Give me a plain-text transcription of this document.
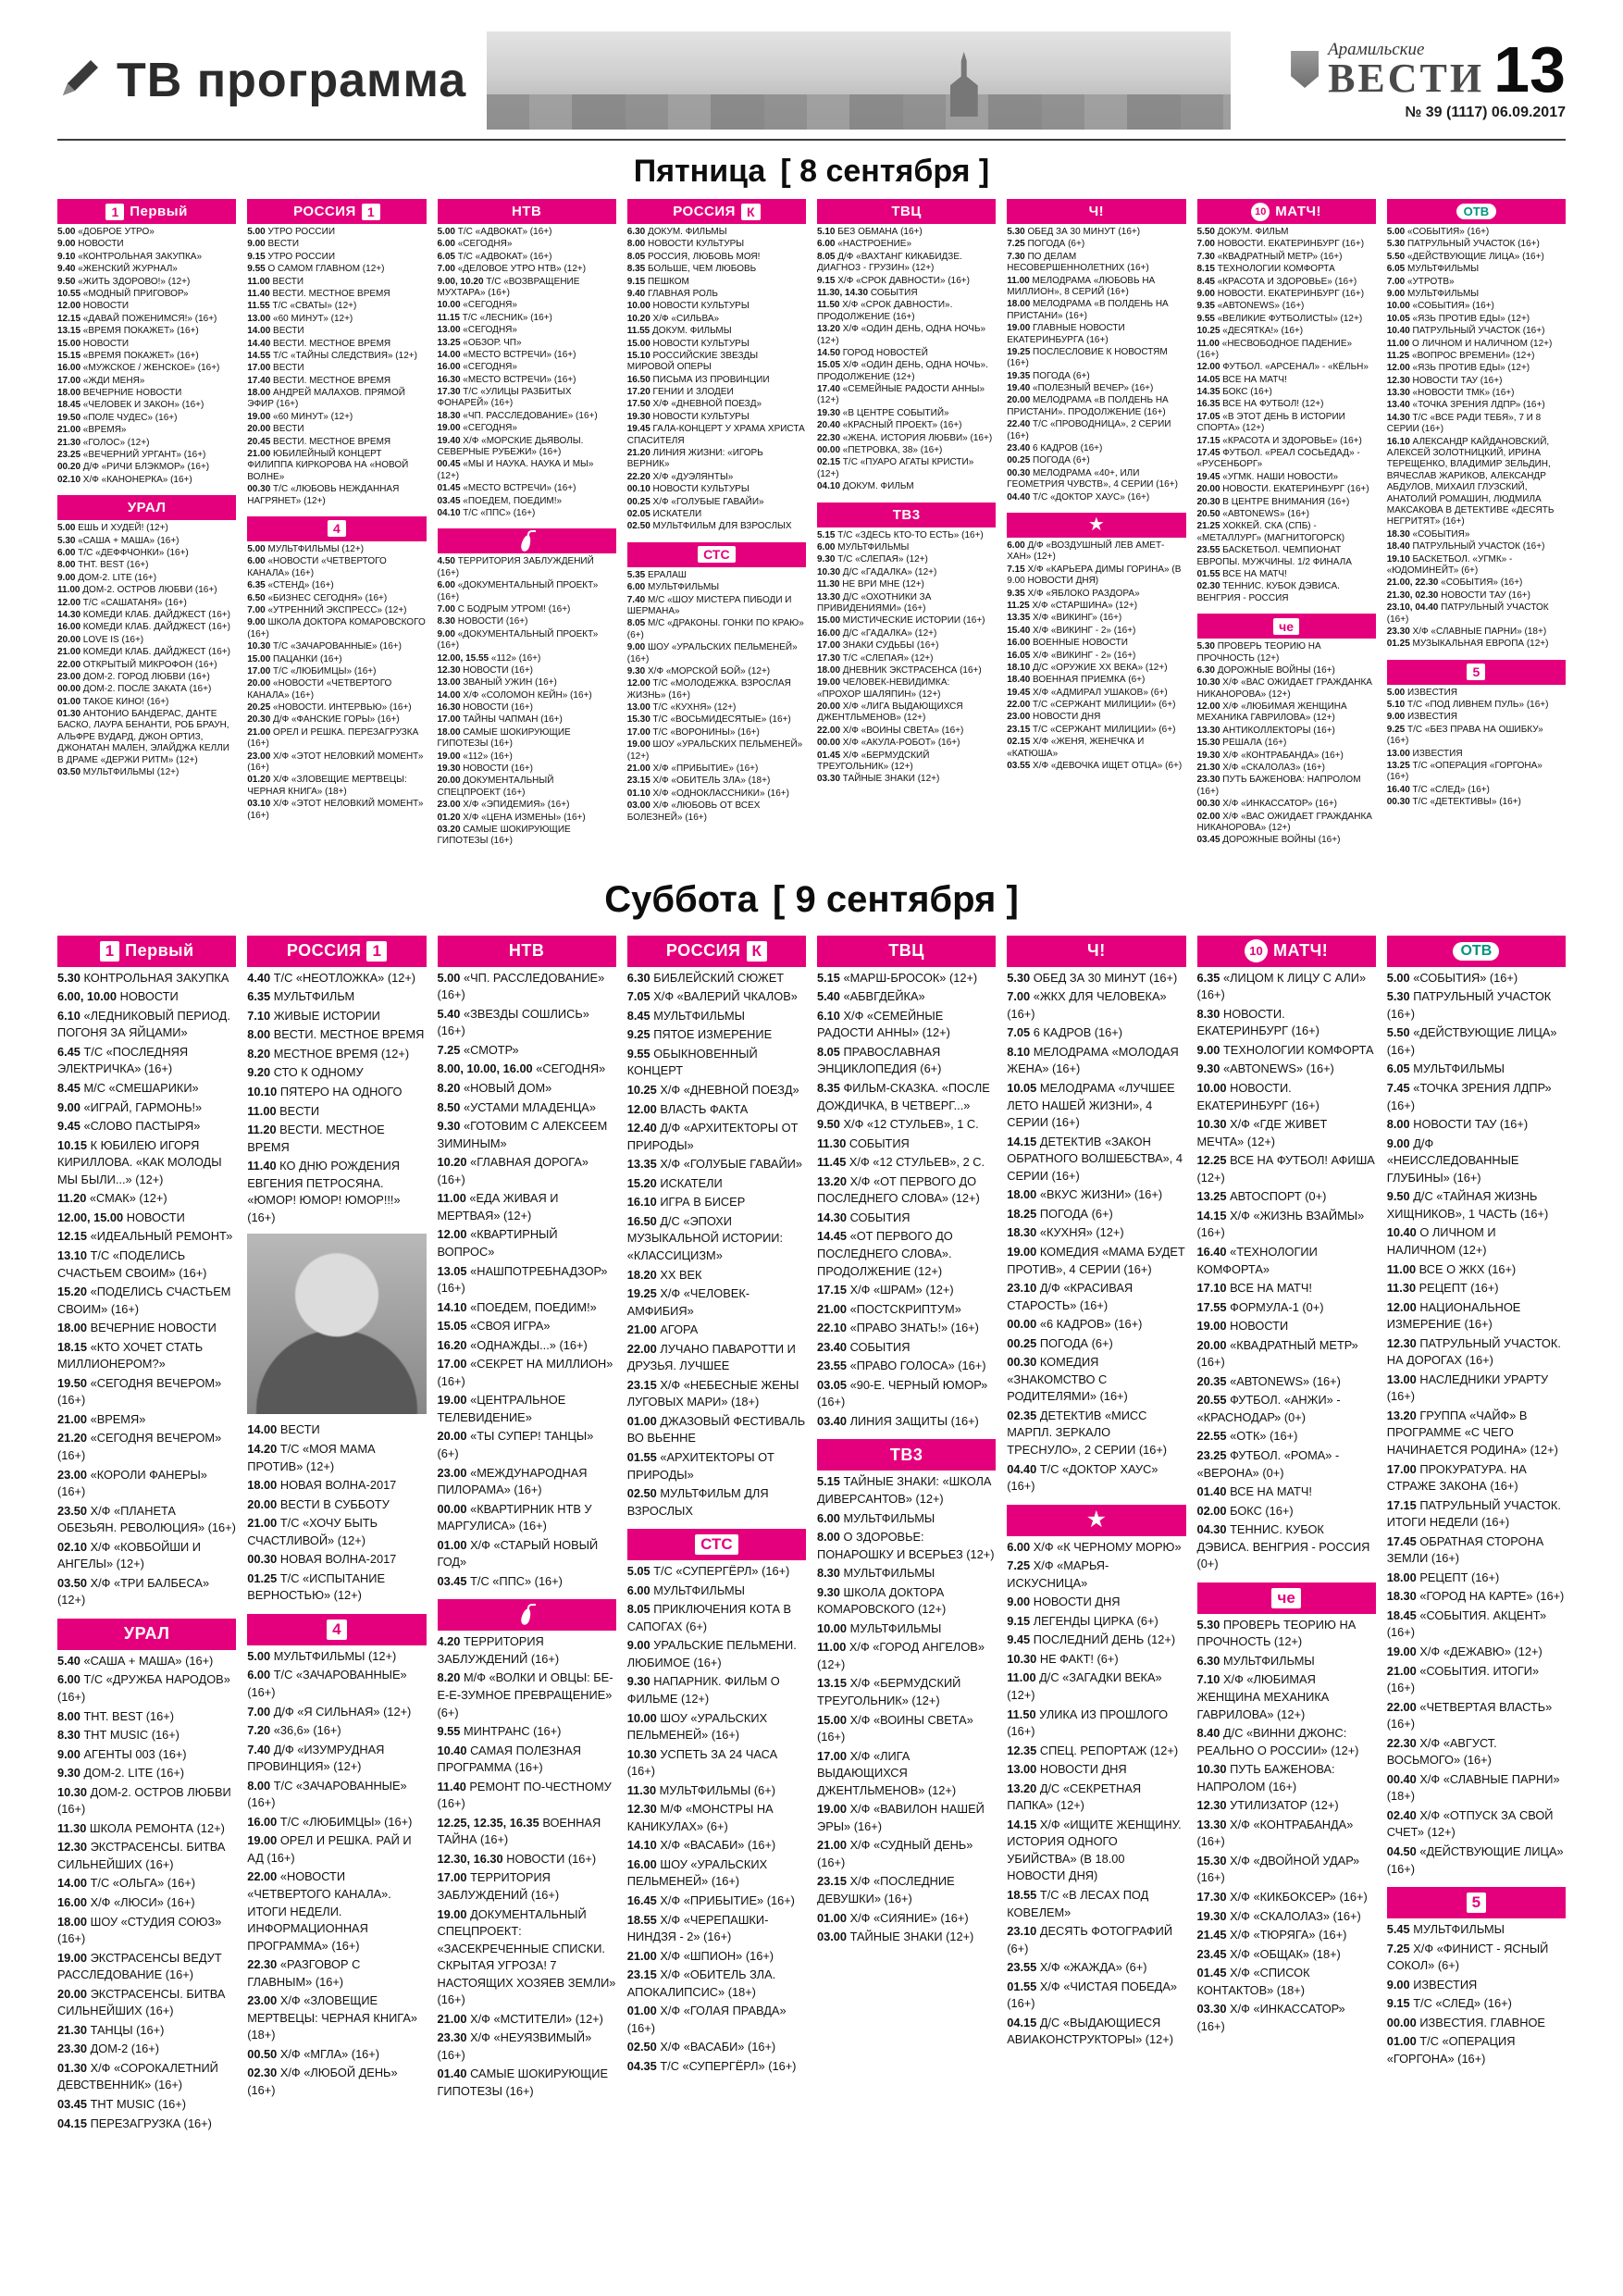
ТВ программа
Арамильские
ВЕСТИ 13
№ 39 (1117) 06.09.2017
Пятница [ 8 сентября ]
1 Первый
5.00 «ДОБРОЕ УТРО»
9.00 НОВОСТИ
9.10 «КОНТРОЛЬНАЯ ЗАКУПКА»
9.40 «ЖЕНСКИЙ ЖУРНАЛ»
9.50 «ЖИТЬ ЗДОРОВО!» (12+)
10.55 «МОДНЫЙ ПРИГОВОР»
12.00 НОВОСТИ
12.15 «ДАВАЙ ПОЖЕНИМСЯ!» (16+)
13.15 «ВРЕМЯ ПОКАЖЕТ» (16+)
15.00 НОВОСТИ
15.15 «ВРЕМЯ ПОКАЖЕТ» (16+)
16.00 «МУЖСКОЕ / ЖЕНСКОЕ» (16+)
17.00 «ЖДИ МЕНЯ»
18.00 ВЕЧЕРНИЕ НОВОСТИ
18.45 «ЧЕЛОВЕК И ЗАКОН» (16+)
19.50 «ПОЛЕ ЧУДЕС» (16+)
21.00 «ВРЕМЯ»
21.30 «ГОЛОС» (12+)
23.25 «ВЕЧЕРНИЙ УРГАНТ» (16+)
00.20 Д/Ф «РИЧИ БЛЭКМОР» (16+)
02.10 Х/Ф «КАНОНЕРКА» (16+)
УРАЛ
5.00 ЕШЬ И ХУДЕЙ! (12+)
5.30 «САША + МАША» (16+)
6.00 Т/С «ДЕФФЧОНКИ» (16+)
8.00 ТНТ. BEST (16+)
9.00 ДОМ-2. LITE (16+)
11.00 ДОМ-2. ОСТРОВ ЛЮБВИ (16+)
12.00 Т/С «САШАТАНЯ» (16+)
14.30 КОМЕДИ КЛАБ. ДАЙДЖЕСТ (16+)
16.00 КОМЕДИ КЛАБ. ДАЙДЖЕСТ (16+)
20.00 LOVE IS (16+)
21.00 КОМЕДИ КЛАБ. ДАЙДЖЕСТ (16+)
22.00 ОТКРЫТЫЙ МИКРОФОН (16+)
23.00 ДОМ-2. ГОРОД ЛЮБВИ (16+)
00.00 ДОМ-2. ПОСЛЕ ЗАКАТА (16+)
01.00 ТАКОЕ КИНО! (16+)
01.30 АНТОНИО БАНДЕРАС, ДАНТЕ БАСКО, ЛАУРА БЕНАНТИ, РОБ БРАУН, АЛЬФРЕ ВУДАРД, ДЖОН ОРТИЗ, ДЖОНАТАН МАЛЕН, ЭЛАЙДЖА КЕЛЛИ В ДРАМЕ «ДЕРЖИ РИТМ» (12+)
03.50 МУЛЬТФИЛЬМЫ (12+)
РОССИЯ 1
5.00 УТРО РОССИИ
9.00 ВЕСТИ
9.15 УТРО РОССИИ
9.55 О САМОМ ГЛАВНОМ (12+)
11.00 ВЕСТИ
11.40 ВЕСТИ. МЕСТНОЕ ВРЕМЯ
11.55 Т/С «СВАТЫ» (12+)
13.00 «60 МИНУТ» (12+)
14.00 ВЕСТИ
14.40 ВЕСТИ. МЕСТНОЕ ВРЕМЯ
14.55 Т/С «ТАЙНЫ СЛЕДСТВИЯ» (12+)
17.00 ВЕСТИ
17.40 ВЕСТИ. МЕСТНОЕ ВРЕМЯ
18.00 АНДРЕЙ МАЛАХОВ. ПРЯМОЙ ЭФИР (16+)
19.00 «60 МИНУТ» (12+)
20.00 ВЕСТИ
20.45 ВЕСТИ. МЕСТНОЕ ВРЕМЯ
21.00 ЮБИЛЕЙНЫЙ КОНЦЕРТ ФИЛИППА КИРКОРОВА НА «НОВОЙ ВОЛНЕ»
00.30 Т/С «ЛЮБОВЬ НЕЖДАННАЯ НАГРЯНЕТ» (12+)
4
5.00 МУЛЬТФИЛЬМЫ (12+)
6.00 «НОВОСТИ «ЧЕТВЕРТОГО КАНАЛА» (16+)
6.35 «СТЕНД» (16+)
6.50 «БИЗНЕС СЕГОДНЯ» (16+)
7.00 «УТРЕННИЙ ЭКСПРЕСС» (12+)
9.00 ШКОЛА ДОКТОРА КОМАРОВСКОГО (16+)
10.30 Т/С «ЗАЧАРОВАННЫЕ» (16+)
15.00 ПАЦАНКИ (16+)
17.00 Т/С «ЛЮБИМЦЫ» (16+)
20.00 «НОВОСТИ «ЧЕТВЕРТОГО КАНАЛА» (16+)
20.25 «НОВОСТИ. ИНТЕРВЬЮ» (16+)
20.30 Д/Ф «ФАНСКИЕ ГОРЫ» (16+)
21.00 ОРЕЛ И РЕШКА. ПЕРЕЗАГРУЗКА (16+)
23.00 Х/Ф «ЭТОТ НЕЛОВКИЙ МОМЕНТ» (16+)
01.20 Х/Ф «ЗЛОВЕЩИЕ МЕРТВЕЦЫ: ЧЕРНАЯ КНИГА» (18+)
03.10 Х/Ф «ЭТОТ НЕЛОВКИЙ МОМЕНТ» (16+)
НТВ
5.00 Т/С «АДВОКАТ» (16+)
6.00 «СЕГОДНЯ»
6.05 Т/С «АДВОКАТ» (16+)
7.00 «ДЕЛОВОЕ УТРО НТВ» (12+)
9.00, 10.20 Т/С «ВОЗВРАЩЕНИЕ МУХТАРА» (16+)
10.00 «СЕГОДНЯ»
11.15 Т/С «ЛЕСНИК» (16+)
13.00 «СЕГОДНЯ»
13.25 «ОБЗОР. ЧП»
14.00 «МЕСТО ВСТРЕЧИ» (16+)
16.00 «СЕГОДНЯ»
16.30 «МЕСТО ВСТРЕЧИ» (16+)
17.30 Т/С «УЛИЦЫ РАЗБИТЫХ ФОНАРЕЙ» (16+)
18.30 «ЧП. РАССЛЕДОВАНИЕ» (16+)
19.00 «СЕГОДНЯ»
19.40 Х/Ф «МОРСКИЕ ДЬЯВОЛЫ. СЕВЕРНЫЕ РУБЕЖИ» (16+)
00.45 «МЫ И НАУКА. НАУКА И МЫ» (12+)
01.45 «МЕСТО ВСТРЕЧИ» (16+)
03.45 «ПОЕДЕМ, ПОЕДИМ!»
04.10 Т/С «ППС» (16+)
4.50 ТЕРРИТОРИЯ ЗАБЛУЖДЕНИЙ (16+)
6.00 «ДОКУМЕНТАЛЬНЫЙ ПРОЕКТ» (16+)
7.00 С БОДРЫМ УТРОМ! (16+)
8.30 НОВОСТИ (16+)
9.00 «ДОКУМЕНТАЛЬНЫЙ ПРОЕКТ» (16+)
12.00, 15.55 «112» (16+)
12.30 НОВОСТИ (16+)
13.00 ЗВАНЫЙ УЖИН (16+)
14.00 Х/Ф «СОЛОМОН КЕЙН» (16+)
16.30 НОВОСТИ (16+)
17.00 ТАЙНЫ ЧАПМАН (16+)
18.00 САМЫЕ ШОКИРУЮЩИЕ ГИПОТЕЗЫ (16+)
19.00 «112» (16+)
19.30 НОВОСТИ (16+)
20.00 ДОКУМЕНТАЛЬНЫЙ СПЕЦПРОЕКТ (16+)
23.00 Х/Ф «ЭПИДЕМИЯ» (16+)
01.20 Х/Ф «ЦЕНА ИЗМЕНЫ» (16+)
03.20 САМЫЕ ШОКИРУЮЩИЕ ГИПОТЕЗЫ (16+)
РОССИЯ К
6.30 ДОКУМ. ФИЛЬМЫ
8.00 НОВОСТИ КУЛЬТУРЫ
8.05 РОССИЯ, ЛЮБОВЬ МОЯ!
8.35 БОЛЬШЕ, ЧЕМ ЛЮБОВЬ
9.15 ПЕШКОМ
9.40 ГЛАВНАЯ РОЛЬ
10.00 НОВОСТИ КУЛЬТУРЫ
10.20 Х/Ф «СИЛЬВА»
11.55 ДОКУМ. ФИЛЬМЫ
15.00 НОВОСТИ КУЛЬТУРЫ
15.10 РОССИЙСКИЕ ЗВЕЗДЫ МИРОВОЙ ОПЕРЫ
16.50 ПИСЬМА ИЗ ПРОВИНЦИИ
17.20 ГЕНИИ И ЗЛОДЕИ
17.50 Х/Ф «ДНЕВНОЙ ПОЕЗД»
19.30 НОВОСТИ КУЛЬТУРЫ
19.45 ГАЛА-КОНЦЕРТ У ХРАМА ХРИСТА СПАСИТЕЛЯ
21.20 ЛИНИЯ ЖИЗНИ: «ИГОРЬ ВЕРНИК»
22.20 Х/Ф «ДУЭЛЯНТЫ»
00.10 НОВОСТИ КУЛЬТУРЫ
00.25 Х/Ф «ГОЛУБЫЕ ГАВАЙИ»
02.05 ИСКАТЕЛИ
02.50 МУЛЬТФИЛЬМ ДЛЯ ВЗРОСЛЫХ
СТС
5.35 ЕРАЛАШ
6.00 МУЛЬТФИЛЬМЫ
7.40 М/С «ШОУ МИСТЕРА ПИБОДИ И ШЕРМАНА»
8.05 М/С «ДРАКОНЫ. ГОНКИ ПО КРАЮ» (6+)
9.00 ШОУ «УРАЛЬСКИХ ПЕЛЬМЕНЕЙ» (16+)
9.30 Х/Ф «МОРСКОЙ БОЙ» (12+)
12.00 Т/С «МОЛОДЕЖКА. ВЗРОСЛАЯ ЖИЗНЬ» (16+)
13.00 Т/С «КУХНЯ» (12+)
15.30 Т/С «ВОСЬМИДЕСЯТЫЕ» (16+)
17.00 Т/С «ВОРОНИНЫ» (16+)
19.00 ШОУ «УРАЛЬСКИХ ПЕЛЬМЕНЕЙ» (12+)
21.00 Х/Ф «ПРИБЫТИЕ» (16+)
23.15 Х/Ф «ОБИТЕЛЬ ЗЛА» (18+)
01.10 Х/Ф «ОДНОКЛАССНИКИ» (16+)
03.00 Х/Ф «ЛЮБОВЬ ОТ ВСЕХ БОЛЕЗНЕЙ» (16+)
ТВЦ
5.10 БЕЗ ОБМАНА (16+)
6.00 «НАСТРОЕНИЕ»
8.05 Д/Ф «ВАХТАНГ КИКАБИДЗЕ. ДИАГНОЗ - ГРУЗИН» (12+)
9.15 Х/Ф «СРОК ДАВНОСТИ» (16+)
11.30, 14.30 СОБЫТИЯ
11.50 Х/Ф «СРОК ДАВНОСТИ». ПРОДОЛЖЕНИЕ (16+)
13.20 Х/Ф «ОДИН ДЕНЬ, ОДНА НОЧЬ» (12+)
14.50 ГОРОД НОВОСТЕЙ
15.05 Х/Ф «ОДИН ДЕНЬ, ОДНА НОЧЬ». ПРОДОЛЖЕНИЕ (12+)
17.40 «СЕМЕЙНЫЕ РАДОСТИ АННЫ» (12+)
19.30 «В ЦЕНТРЕ СОБЫТИЙ»
20.40 «КРАСНЫЙ ПРОЕКТ» (16+)
22.30 «ЖЕНА. ИСТОРИЯ ЛЮБВИ» (16+)
00.00 «ПЕТРОВКА, 38» (16+)
02.15 Т/С «ПУАРО АГАТЫ КРИСТИ» (12+)
04.10 ДОКУМ. ФИЛЬМ
ТВ3
5.15 Т/С «ЗДЕСЬ КТО-ТО ЕСТЬ» (16+)
6.00 МУЛЬТФИЛЬМЫ
9.30 Т/С «СЛЕПАЯ» (12+)
10.30 Д/С «ГАДАЛКА» (12+)
11.30 НЕ ВРИ МНЕ (12+)
13.30 Д/С «ОХОТНИКИ ЗА ПРИВИДЕНИЯМИ» (16+)
15.00 МИСТИЧЕСКИЕ ИСТОРИИ (16+)
16.00 Д/С «ГАДАЛКА» (12+)
17.00 ЗНАКИ СУДЬБЫ (16+)
17.30 Т/С «СЛЕПАЯ» (12+)
18.00 ДНЕВНИК ЭКСТРАСЕНСА (16+)
19.00 ЧЕЛОВЕК-НЕВИДИМКА: «ПРОХОР ШАЛЯПИН» (12+)
20.00 Х/Ф «ЛИГА ВЫДАЮЩИХСЯ ДЖЕНТЛЬМЕНОВ» (12+)
22.00 Х/Ф «ВОИНЫ СВЕТА» (16+)
00.00 Х/Ф «АКУЛА-РОБОТ» (16+)
01.45 Х/Ф «БЕРМУДСКИЙ ТРЕУГОЛЬНИК» (12+)
03.30 ТАЙНЫЕ ЗНАКИ (12+)
Ч!
5.30 ОБЕД ЗА 30 МИНУТ (16+)
7.25 ПОГОДА (6+)
7.30 ПО ДЕЛАМ НЕСОВЕРШЕННОЛЕТНИХ (16+)
11.00 МЕЛОДРАМА «ЛЮБОВЬ НА МИЛЛИОН», 8 СЕРИЙ (16+)
18.00 МЕЛОДРАМА «В ПОЛДЕНЬ НА ПРИСТАНИ» (16+)
19.00 ГЛАВНЫЕ НОВОСТИ ЕКАТЕРИНБУРГА (16+)
19.25 ПОСЛЕСЛОВИЕ К НОВОСТЯМ (16+)
19.35 ПОГОДА (6+)
19.40 «ПОЛЕЗНЫЙ ВЕЧЕР» (16+)
20.00 МЕЛОДРАМА «В ПОЛДЕНЬ НА ПРИСТАНИ». ПРОДОЛЖЕНИЕ (16+)
22.40 Т/С «ПРОВОДНИЦА», 2 СЕРИИ (16+)
23.40 6 КАДРОВ (16+)
00.25 ПОГОДА (6+)
00.30 МЕЛОДРАМА «40+, ИЛИ ГЕОМЕТРИЯ ЧУВСТВ», 4 СЕРИИ (16+)
04.40 Т/С «ДОКТОР ХАУС» (16+)
★
6.00 Д/Ф «ВОЗДУШНЫЙ ЛЕВ АМЕТ-ХАН» (12+)
7.15 Х/Ф «КАРЬЕРА ДИМЫ ГОРИНА» (В 9.00 НОВОСТИ ДНЯ)
9.35 Х/Ф «ЯБЛОКО РАЗДОРА»
11.25 Х/Ф «СТАРШИНА» (12+)
13.35 Х/Ф «ВИКИНГ» (16+)
15.40 Х/Ф «ВИКИНГ - 2» (16+)
16.00 ВОЕННЫЕ НОВОСТИ
16.05 Х/Ф «ВИКИНГ - 2» (16+)
18.10 Д/С «ОРУЖИЕ ХХ ВЕКА» (12+)
18.40 ВОЕННАЯ ПРИЕМКА (6+)
19.45 Х/Ф «АДМИРАЛ УШАКОВ» (6+)
22.00 Т/С «СЕРЖАНТ МИЛИЦИИ» (6+)
23.00 НОВОСТИ ДНЯ
23.15 Т/С «СЕРЖАНТ МИЛИЦИИ» (6+)
02.15 Х/Ф «ЖЕНЯ, ЖЕНЕЧКА И «КАТЮША»
03.55 Х/Ф «ДЕВОЧКА ИЩЕТ ОТЦА» (6+)
10 МАТЧ!
5.50 ДОКУМ. ФИЛЬМ
7.00 НОВОСТИ. ЕКАТЕРИНБУРГ (16+)
7.30 «КВАДРАТНЫЙ МЕТР» (16+)
8.15 ТЕХНОЛОГИИ КОМФОРТА
8.45 «КРАСОТА И ЗДОРОВЬЕ» (16+)
9.00 НОВОСТИ. ЕКАТЕРИНБУРГ (16+)
9.35 «АВТОNEWS» (16+)
9.55 «ВЕЛИКИЕ ФУТБОЛИСТЫ» (12+)
10.25 «ДЕСЯТКА!» (16+)
11.00 «НЕСВОБОДНОЕ ПАДЕНИЕ» (16+)
12.00 ФУТБОЛ. «АРСЕНАЛ» - «КЁЛЬН»
14.05 ВСЕ НА МАТЧ!
14.35 БОКС (16+)
16.35 ВСЕ НА ФУТБОЛ! (12+)
17.05 «В ЭТОТ ДЕНЬ В ИСТОРИИ СПОРТА» (12+)
17.15 «КРАСОТА И ЗДОРОВЬЕ» (16+)
17.45 ФУТБОЛ. «РЕАЛ СОСЬЕДАД» - «РУСЕНБОРГ»
19.45 «УГМК. НАШИ НОВОСТИ»
20.00 НОВОСТИ. ЕКАТЕРИНБУРГ (16+)
20.30 В ЦЕНТРЕ ВНИМАНИЯ (16+)
20.50 «АВТОNEWS» (16+)
21.25 ХОККЕЙ. СКА (СПБ) - «МЕТАЛЛУРГ» (МАГНИТОГОРСК)
23.55 БАСКЕТБОЛ. ЧЕМПИОНАТ ЕВРОПЫ. МУЖЧИНЫ. 1/2 ФИНАЛА
01.55 ВСЕ НА МАТЧ!
02.30 ТЕННИС. КУБОК ДЭВИСА. ВЕНГРИЯ - РОССИЯ
че
5.30 ПРОВЕРЬ ТЕОРИЮ НА ПРОЧНОСТЬ (12+)
6.30 ДОРОЖНЫЕ ВОЙНЫ (16+)
10.30 Х/Ф «ВАС ОЖИДАЕТ ГРАЖДАНКА НИКАНОРОВА» (12+)
12.00 Х/Ф «ЛЮБИМАЯ ЖЕНЩИНА МЕХАНИКА ГАВРИЛОВА» (12+)
13.30 АНТИКОЛЛЕКТОРЫ (16+)
15.30 РЕШАЛА (16+)
19.30 Х/Ф «КОНТРАБАНДА» (16+)
21.30 Х/Ф «СКАЛОЛАЗ» (16+)
23.30 ПУТЬ БАЖЕНОВА: НАПРОЛОМ (16+)
00.30 Х/Ф «ИНКАССАТОР» (16+)
02.00 Х/Ф «ВАС ОЖИДАЕТ ГРАЖДАНКА НИКАНОРОВА» (12+)
03.45 ДОРОЖНЫЕ ВОЙНЫ (16+)
ОТВ
5.00 «СОБЫТИЯ» (16+)
5.30 ПАТРУЛЬНЫЙ УЧАСТОК (16+)
5.50 «ДЕЙСТВУЮЩИЕ ЛИЦА» (16+)
6.05 МУЛЬТФИЛЬМЫ
7.00 «УТРОТВ»
9.00 МУЛЬТФИЛЬМЫ
10.00 «СОБЫТИЯ» (16+)
10.05 «ЯЗЬ ПРОТИВ ЕДЫ» (12+)
10.40 ПАТРУЛЬНЫЙ УЧАСТОК (16+)
11.00 О ЛИЧНОМ И НАЛИЧНОМ (12+)
11.25 «ВОПРОС ВРЕМЕНИ» (12+)
12.00 «ЯЗЬ ПРОТИВ ЕДЫ» (12+)
12.30 НОВОСТИ ТАУ (16+)
13.30 «НОВОСТИ ТМК» (16+)
13.40 «ТОЧКА ЗРЕНИЯ ЛДПР» (16+)
14.30 Т/С «ВСЕ РАДИ ТЕБЯ», 7 И 8 СЕРИИ (16+)
16.10 АЛЕКСАНДР КАЙДАНОВСКИЙ, АЛЕКСЕЙ ЗОЛОТНИЦКИЙ, ИРИНА ТЕРЕЩЕНКО, ВЛАДИМИР ЗЕЛЬДИН, ВЯЧЕСЛАВ ЖАРИКОВ, АЛЕКСАНДР АБДУЛОВ, МИХАИЛ ГЛУЗСКИЙ, АНАТОЛИЙ РОМАШИН, ЛЮДМИЛА МАКСАКОВА В ДЕТЕКТИВЕ «ДЕСЯТЬ НЕГРИТЯТ» (16+)
18.30 «СОБЫТИЯ»
18.40 ПАТРУЛЬНЫЙ УЧАСТОК (16+)
19.10 БАСКЕТБОЛ. «УГМК» - «ЮДОМИНЕЙТ» (6+)
21.00, 22.30 «СОБЫТИЯ» (16+)
21.30, 02.30 НОВОСТИ ТАУ (16+)
23.10, 04.40 ПАТРУЛЬНЫЙ УЧАСТОК (16+)
23.30 Х/Ф «СЛАВНЫЕ ПАРНИ» (18+)
01.25 МУЗЫКАЛЬНАЯ ЕВРОПА (12+)
5
5.00 ИЗВЕСТИЯ
5.10 Т/С «ПОД ЛИВНЕМ ПУЛЬ» (16+)
9.00 ИЗВЕСТИЯ
9.25 Т/С «БЕЗ ПРАВА НА ОШИБКУ» (16+)
13.00 ИЗВЕСТИЯ
13.25 Т/С «ОПЕРАЦИЯ «ГОРГОНА» (16+)
16.40 Т/С «СЛЕД» (16+)
00.30 Т/С «ДЕТЕКТИВЫ» (16+)
Суббота [ 9 сентября ]
1 Первый
5.30 КОНТРОЛЬНАЯ ЗАКУПКА
6.00, 10.00 НОВОСТИ
6.10 «ЛЕДНИКОВЫЙ ПЕРИОД. ПОГОНЯ ЗА ЯЙЦАМИ»
6.45 Т/С «ПОСЛЕДНЯЯ ЭЛЕКТРИЧКА» (16+)
8.45 М/С «СМЕШАРИКИ»
9.00 «ИГРАЙ, ГАРМОНЬ!»
9.45 «СЛОВО ПАСТЫРЯ»
10.15 К ЮБИЛЕЮ ИГОРЯ КИРИЛЛОВА. «КАК МОЛОДЫ МЫ БЫЛИ...» (12+)
11.20 «СМАК» (12+)
12.00, 15.00 НОВОСТИ
12.15 «ИДЕАЛЬНЫЙ РЕМОНТ»
13.10 Т/С «ПОДЕЛИСЬ СЧАСТЬЕМ СВОИМ» (16+)
15.20 «ПОДЕЛИСЬ СЧАСТЬЕМ СВОИМ» (16+)
18.00 ВЕЧЕРНИЕ НОВОСТИ
18.15 «КТО ХОЧЕТ СТАТЬ МИЛЛИОНЕРОМ?»
19.50 «СЕГОДНЯ ВЕЧЕРОМ» (16+)
21.00 «ВРЕМЯ»
21.20 «СЕГОДНЯ ВЕЧЕРОМ» (16+)
23.00 «КОРОЛИ ФАНЕРЫ» (16+)
23.50 Х/Ф «ПЛАНЕТА ОБЕЗЬЯН. РЕВОЛЮЦИЯ» (16+)
02.10 Х/Ф «КОВБОЙШИ И АНГЕЛЫ» (12+)
03.50 Х/Ф «ТРИ БАЛБЕСА» (12+)
УРАЛ
5.40 «САША + МАША» (16+)
6.00 Т/С «ДРУЖБА НАРОДОВ» (16+)
8.00 ТНТ. BEST (16+)
8.30 ТНТ MUSIC (16+)
9.00 АГЕНТЫ 003 (16+)
9.30 ДОМ-2. LITE (16+)
10.30 ДОМ-2. ОСТРОВ ЛЮБВИ (16+)
11.30 ШКОЛА РЕМОНТА (12+)
12.30 ЭКСТРАСЕНСЫ. БИТВА СИЛЬНЕЙШИХ (16+)
14.00 Т/С «ОЛЬГА» (16+)
16.00 Х/Ф «ЛЮСИ» (16+)
18.00 ШОУ «СТУДИЯ СОЮЗ» (16+)
19.00 ЭКСТРАСЕНСЫ ВЕДУТ РАССЛЕДОВАНИЕ (16+)
20.00 ЭКСТРАСЕНСЫ. БИТВА СИЛЬНЕЙШИХ (16+)
21.30 ТАНЦЫ (16+)
23.30 ДОМ-2 (16+)
01.30 Х/Ф «СОРОКАЛЕТНИЙ ДЕВСТВЕННИК» (16+)
03.45 ТНТ MUSIC (16+)
04.15 ПЕРЕЗАГРУЗКА (16+)
РОССИЯ 1
4.40 Т/С «НЕОТЛОЖКА» (12+)
6.35 МУЛЬТФИЛЬМ
7.10 ЖИВЫЕ ИСТОРИИ
8.00 ВЕСТИ. МЕСТНОЕ ВРЕМЯ
8.20 МЕСТНОЕ ВРЕМЯ (12+)
9.20 СТО К ОДНОМУ
10.10 ПЯТЕРО НА ОДНОГО
11.00 ВЕСТИ
11.20 ВЕСТИ. МЕСТНОЕ ВРЕМЯ
11.40 КО ДНЮ РОЖДЕНИЯ ЕВГЕНИЯ ПЕТРОСЯНА. «ЮМОР! ЮМОР! ЮМОР!!!» (16+)
14.00 ВЕСТИ
14.20 Т/С «МОЯ МАМА ПРОТИВ» (12+)
18.00 НОВАЯ ВОЛНА-2017
20.00 ВЕСТИ В СУББОТУ
21.00 Т/С «ХОЧУ БЫТЬ СЧАСТЛИВОЙ» (12+)
00.30 НОВАЯ ВОЛНА-2017
01.25 Т/С «ИСПЫТАНИЕ ВЕРНОСТЬЮ» (12+)
4
5.00 МУЛЬТФИЛЬМЫ (12+)
6.00 Т/С «ЗАЧАРОВАННЫЕ» (16+)
7.00 Д/Ф «Я СИЛЬНАЯ» (12+)
7.20 «36,6» (16+)
7.40 Д/Ф «ИЗУМРУДНАЯ ПРОВИНЦИЯ» (12+)
8.00 Т/С «ЗАЧАРОВАННЫЕ» (16+)
16.00 Т/С «ЛЮБИМЦЫ» (16+)
19.00 ОРЕЛ И РЕШКА. РАЙ И АД (16+)
22.00 «НОВОСТИ «ЧЕТВЕРТОГО КАНАЛА». ИТОГИ НЕДЕЛИ. ИНФОРМАЦИОННАЯ ПРОГРАММА» (16+)
22.30 «РАЗГОВОР С ГЛАВНЫМ» (16+)
23.00 Х/Ф «ЗЛОВЕЩИЕ МЕРТВЕЦЫ: ЧЕРНАЯ КНИГА» (18+)
00.50 Х/Ф «МГЛА» (16+)
02.30 Х/Ф «ЛЮБОЙ ДЕНЬ» (16+)
НТВ
5.00 «ЧП. РАССЛЕДОВАНИЕ» (16+)
5.40 «ЗВЕЗДЫ СОШЛИСЬ» (16+)
7.25 «СМОТР»
8.00, 10.00, 16.00 «СЕГОДНЯ»
8.20 «НОВЫЙ ДОМ»
8.50 «УСТАМИ МЛАДЕНЦА»
9.30 «ГОТОВИМ С АЛЕКСЕЕМ ЗИМИНЫМ»
10.20 «ГЛАВНАЯ ДОРОГА» (16+)
11.00 «ЕДА ЖИВАЯ И МЕРТВАЯ» (12+)
12.00 «КВАРТИРНЫЙ ВОПРОС»
13.05 «НАШПОТРЕБНАДЗОР» (16+)
14.10 «ПОЕДЕМ, ПОЕДИМ!»
15.05 «СВОЯ ИГРА»
16.20 «ОДНАЖДЫ...» (16+)
17.00 «СЕКРЕТ НА МИЛЛИОН» (16+)
19.00 «ЦЕНТРАЛЬНОЕ ТЕЛЕВИДЕНИЕ»
20.00 «ТЫ СУПЕР! ТАНЦЫ» (6+)
23.00 «МЕЖДУНАРОДНАЯ ПИЛОРАМА» (16+)
00.00 «КВАРТИРНИК НТВ У МАРГУЛИСА» (16+)
01.00 Х/Ф «СТАРЫЙ НОВЫЙ ГОД»
03.45 Т/С «ППС» (16+)
4.20 ТЕРРИТОРИЯ ЗАБЛУЖДЕНИЙ (16+)
8.20 М/Ф «ВОЛКИ И ОВЦЫ: БЕ-Е-Е-ЗУМНОЕ ПРЕВРАЩЕНИЕ» (6+)
9.55 МИНТРАНС (16+)
10.40 САМАЯ ПОЛЕЗНАЯ ПРОГРАММА (16+)
11.40 РЕМОНТ ПО-ЧЕСТНОМУ (16+)
12.25, 12.35, 16.35 ВОЕННАЯ ТАЙНА (16+)
12.30, 16.30 НОВОСТИ (16+)
17.00 ТЕРРИТОРИЯ ЗАБЛУЖДЕНИЙ (16+)
19.00 ДОКУМЕНТАЛЬНЫЙ СПЕЦПРОЕКТ: «ЗАСЕКРЕЧЕННЫЕ СПИСКИ. СКРЫТАЯ УГРОЗА! 7 НАСТОЯЩИХ ХОЗЯЕВ ЗЕМЛИ» (16+)
21.00 Х/Ф «МСТИТЕЛИ» (12+)
23.30 Х/Ф «НЕУЯЗВИМЫЙ» (16+)
01.40 САМЫЕ ШОКИРУЮЩИЕ ГИПОТЕЗЫ (16+)
РОССИЯ К
6.30 БИБЛЕЙСКИЙ СЮЖЕТ
7.05 Х/Ф «ВАЛЕРИЙ ЧКАЛОВ»
8.45 МУЛЬТФИЛЬМЫ
9.25 ПЯТОЕ ИЗМЕРЕНИЕ
9.55 ОБЫКНОВЕННЫЙ КОНЦЕРТ
10.25 Х/Ф «ДНЕВНОЙ ПОЕЗД»
12.00 ВЛАСТЬ ФАКТА
12.40 Д/Ф «АРХИТЕКТОРЫ ОТ ПРИРОДЫ»
13.35 Х/Ф «ГОЛУБЫЕ ГАВАЙИ»
15.20 ИСКАТЕЛИ
16.10 ИГРА В БИСЕР
16.50 Д/С «ЭПОХИ МУЗЫКАЛЬНОЙ ИСТОРИИ: «КЛАССИЦИЗМ»
18.20 ХХ ВЕК
19.25 Х/Ф «ЧЕЛОВЕК-АМФИБИЯ»
21.00 АГОРА
22.00 ЛУЧАНО ПАВАРОТТИ И ДРУЗЬЯ. ЛУЧШЕЕ
23.15 Х/Ф «НЕБЕСНЫЕ ЖЕНЫ ЛУГОВЫХ МАРИ» (18+)
01.00 ДЖАЗОВЫЙ ФЕСТИВАЛЬ ВО ВЬЕННЕ
01.55 «АРХИТЕКТОРЫ ОТ ПРИРОДЫ»
02.50 МУЛЬТФИЛЬМ ДЛЯ ВЗРОСЛЫХ
СТС
5.05 Т/С «СУПЕРГЁРЛ» (16+)
6.00 МУЛЬТФИЛЬМЫ
8.05 ПРИКЛЮЧЕНИЯ КОТА В САПОГАХ (6+)
9.00 УРАЛЬСКИЕ ПЕЛЬМЕНИ. ЛЮБИМОЕ (16+)
9.30 НАПАРНИК. ФИЛЬМ О ФИЛЬМЕ (12+)
10.00 ШОУ «УРАЛЬСКИХ ПЕЛЬМЕНЕЙ» (16+)
10.30 УСПЕТЬ ЗА 24 ЧАСА (16+)
11.30 МУЛЬТФИЛЬМЫ (6+)
12.30 М/Ф «МОНСТРЫ НА КАНИКУЛАХ» (6+)
14.10 Х/Ф «ВАСАБИ» (16+)
16.00 ШОУ «УРАЛЬСКИХ ПЕЛЬМЕНЕЙ» (16+)
16.45 Х/Ф «ПРИБЫТИЕ» (16+)
18.55 Х/Ф «ЧЕРЕПАШКИ-НИНДЗЯ - 2» (16+)
21.00 Х/Ф «ШПИОН» (16+)
23.15 Х/Ф «ОБИТЕЛЬ ЗЛА. АПОКАЛИПСИС» (18+)
01.00 Х/Ф «ГОЛАЯ ПРАВДА» (16+)
02.50 Х/Ф «ВАСАБИ» (16+)
04.35 Т/С «СУПЕРГЁРЛ» (16+)
ТВЦ
5.15 «МАРШ-БРОСОК» (12+)
5.40 «АБВГДЕЙКА»
6.10 Х/Ф «СЕМЕЙНЫЕ РАДОСТИ АННЫ» (12+)
8.05 ПРАВОСЛАВНАЯ ЭНЦИКЛОПЕДИЯ (6+)
8.35 ФИЛЬМ-СКАЗКА. «ПОСЛЕ ДОЖДИЧКА, В ЧЕТВЕРГ...»
9.50 Х/Ф «12 СТУЛЬЕВ», 1 С.
11.30 СОБЫТИЯ
11.45 Х/Ф «12 СТУЛЬЕВ», 2 С.
13.20 Х/Ф «ОТ ПЕРВОГО ДО ПОСЛЕДНЕГО СЛОВА» (12+)
14.30 СОБЫТИЯ
14.45 «ОТ ПЕРВОГО ДО ПОСЛЕДНЕГО СЛОВА». ПРОДОЛЖЕНИЕ (12+)
17.15 Х/Ф «ШРАМ» (12+)
21.00 «ПОСТСКРИПТУМ»
22.10 «ПРАВО ЗНАТЬ!» (16+)
23.40 СОБЫТИЯ
23.55 «ПРАВО ГОЛОСА» (16+)
03.05 «90-Е. ЧЕРНЫЙ ЮМОР» (16+)
03.40 ЛИНИЯ ЗАЩИТЫ (16+)
ТВ3
5.15 ТАЙНЫЕ ЗНАКИ: «ШКОЛА ДИВЕРСАНТОВ» (12+)
6.00 МУЛЬТФИЛЬМЫ
8.00 О ЗДОРОВЬЕ: ПОНАРОШКУ И ВСЕРЬЕЗ (12+)
8.30 МУЛЬТФИЛЬМЫ
9.30 ШКОЛА ДОКТОРА КОМАРОВСКОГО (12+)
10.00 МУЛЬТФИЛЬМЫ
11.00 Х/Ф «ГОРОД АНГЕЛОВ» (12+)
13.15 Х/Ф «БЕРМУДСКИЙ ТРЕУГОЛЬНИК» (12+)
15.00 Х/Ф «ВОИНЫ СВЕТА» (16+)
17.00 Х/Ф «ЛИГА ВЫДАЮЩИХСЯ ДЖЕНТЛЬМЕНОВ» (12+)
19.00 Х/Ф «ВАВИЛОН НАШЕЙ ЭРЫ» (16+)
21.00 Х/Ф «СУДНЫЙ ДЕНЬ» (16+)
23.15 Х/Ф «ПОСЛЕДНИЕ ДЕВУШКИ» (16+)
01.00 Х/Ф «СИЯНИЕ» (16+)
03.00 ТАЙНЫЕ ЗНАКИ (12+)
Ч!
5.30 ОБЕД ЗА 30 МИНУТ (16+)
7.00 «ЖКХ ДЛЯ ЧЕЛОВЕКА» (16+)
7.05 6 КАДРОВ (16+)
8.10 МЕЛОДРАМА «МОЛОДАЯ ЖЕНА» (16+)
10.05 МЕЛОДРАМА «ЛУЧШЕЕ ЛЕТО НАШЕЙ ЖИЗНИ», 4 СЕРИИ (16+)
14.15 ДЕТЕКТИВ «ЗАКОН ОБРАТНОГО ВОЛШЕБСТВА», 4 СЕРИИ (16+)
18.00 «ВКУС ЖИЗНИ» (16+)
18.25 ПОГОДА (6+)
18.30 «КУХНЯ» (12+)
19.00 КОМЕДИЯ «МАМА БУДЕТ ПРОТИВ», 4 СЕРИИ (16+)
23.10 Д/Ф «КРАСИВАЯ СТАРОСТЬ» (16+)
00.00 «6 КАДРОВ» (16+)
00.25 ПОГОДА (6+)
00.30 КОМЕДИЯ «ЗНАКОМСТВО С РОДИТЕЛЯМИ» (16+)
02.35 ДЕТЕКТИВ «МИСС МАРПЛ. ЗЕРКАЛО ТРЕСНУЛО», 2 СЕРИИ (16+)
04.40 Т/С «ДОКТОР ХАУС» (16+)
★
6.00 Х/Ф «К ЧЕРНОМУ МОРЮ»
7.25 Х/Ф «МАРЬЯ-ИСКУСНИЦА»
9.00 НОВОСТИ ДНЯ
9.15 ЛЕГЕНДЫ ЦИРКА (6+)
9.45 ПОСЛЕДНИЙ ДЕНЬ (12+)
10.30 НЕ ФАКТ! (6+)
11.00 Д/С «ЗАГАДКИ ВЕКА» (12+)
11.50 УЛИКА ИЗ ПРОШЛОГО (16+)
12.35 СПЕЦ. РЕПОРТАЖ (12+)
13.00 НОВОСТИ ДНЯ
13.20 Д/С «СЕКРЕТНАЯ ПАПКА» (12+)
14.15 Х/Ф «ИЩИТЕ ЖЕНЩИНУ. ИСТОРИЯ ОДНОГО УБИЙСТВА» (В 18.00 НОВОСТИ ДНЯ)
18.55 Т/С «В ЛЕСАХ ПОД КОВЕЛЕМ»
23.10 ДЕСЯТЬ ФОТОГРАФИЙ (6+)
23.55 Х/Ф «ЖАЖДА» (6+)
01.55 Х/Ф «ЧИСТАЯ ПОБЕДА» (16+)
04.15 Д/С «ВЫДАЮЩИЕСЯ АВИАКОНСТРУКТОРЫ» (12+)
10 МАТЧ!
6.35 «ЛИЦОМ К ЛИЦУ С АЛИ» (16+)
8.30 НОВОСТИ. ЕКАТЕРИНБУРГ (16+)
9.00 ТЕХНОЛОГИИ КОМФОРТА
9.30 «АВТОNEWS» (16+)
10.00 НОВОСТИ. ЕКАТЕРИНБУРГ (16+)
10.30 Х/Ф «ГДЕ ЖИВЕТ МЕЧТА» (12+)
12.25 ВСЕ НА ФУТБОЛ! АФИША (12+)
13.25 АВТОСПОРТ (0+)
14.15 Х/Ф «ЖИЗНЬ ВЗАЙМЫ» (16+)
16.40 «ТЕХНОЛОГИИ КОМФОРТА»
17.10 ВСЕ НА МАТЧ!
17.55 ФОРМУЛА-1 (0+)
19.00 НОВОСТИ
20.00 «КВАДРАТНЫЙ МЕТР» (16+)
20.35 «АВТОNEWS» (16+)
20.55 ФУТБОЛ. «АНЖИ» - «КРАСНОДАР» (0+)
22.55 «ОТК» (16+)
23.25 ФУТБОЛ. «РОМА» - «ВЕРОНА» (0+)
01.40 ВСЕ НА МАТЧ!
02.00 БОКС (16+)
04.30 ТЕННИС. КУБОК ДЭВИСА. ВЕНГРИЯ - РОССИЯ (0+)
че
5.30 ПРОВЕРЬ ТЕОРИЮ НА ПРОЧНОСТЬ (12+)
6.30 МУЛЬТФИЛЬМЫ
7.10 Х/Ф «ЛЮБИМАЯ ЖЕНЩИНА МЕХАНИКА ГАВРИЛОВА» (12+)
8.40 Д/С «ВИННИ ДЖОНС: РЕАЛЬНО О РОССИИ» (12+)
10.30 ПУТЬ БАЖЕНОВА: НАПРОЛОМ (16+)
12.30 УТИЛИЗАТОР (12+)
13.30 Х/Ф «КОНТРАБАНДА» (16+)
15.30 Х/Ф «ДВОЙНОЙ УДАР» (16+)
17.30 Х/Ф «КИКБОКСЕР» (16+)
19.30 Х/Ф «СКАЛОЛАЗ» (16+)
21.45 Х/Ф «ТЮРЯГА» (16+)
23.45 Х/Ф «ОБЩАК» (18+)
01.45 Х/Ф «СПИСОК КОНТАКТОВ» (18+)
03.30 Х/Ф «ИНКАССАТОР» (16+)
ОТВ
5.00 «СОБЫТИЯ» (16+)
5.30 ПАТРУЛЬНЫЙ УЧАСТОК (16+)
5.50 «ДЕЙСТВУЮЩИЕ ЛИЦА» (16+)
6.05 МУЛЬТФИЛЬМЫ
7.45 «ТОЧКА ЗРЕНИЯ ЛДПР» (16+)
8.00 НОВОСТИ ТАУ (16+)
9.00 Д/Ф «НЕИССЛЕДОВАННЫЕ ГЛУБИНЫ» (16+)
9.50 Д/С «ТАЙНАЯ ЖИЗНЬ ХИЩНИКОВ», 1 ЧАСТЬ (16+)
10.40 О ЛИЧНОМ И НАЛИЧНОМ (12+)
11.00 ВСЕ О ЖКХ (16+)
11.30 РЕЦЕПТ (16+)
12.00 НАЦИОНАЛЬНОЕ ИЗМЕРЕНИЕ (16+)
12.30 ПАТРУЛЬНЫЙ УЧАСТОК. НА ДОРОГАХ (16+)
13.00 НАСЛЕДНИКИ УРАРТУ (16+)
13.20 ГРУППА «ЧАЙФ» В ПРОГРАММЕ «С ЧЕГО НАЧИНАЕТСЯ РОДИНА» (12+)
17.00 ПРОКУРАТУРА. НА СТРАЖЕ ЗАКОНА (16+)
17.15 ПАТРУЛЬНЫЙ УЧАСТОК. ИТОГИ НЕДЕЛИ (16+)
17.45 ОБРАТНАЯ СТОРОНА ЗЕМЛИ (16+)
18.00 РЕЦЕПТ (16+)
18.30 «ГОРОД НА КАРТЕ» (16+)
18.45 «СОБЫТИЯ. АКЦЕНТ» (16+)
19.00 Х/Ф «ДЕЖАВЮ» (12+)
21.00 «СОБЫТИЯ. ИТОГИ» (16+)
22.00 «ЧЕТВЕРТАЯ ВЛАСТЬ» (16+)
22.30 Х/Ф «АВГУСТ. ВОСЬМОГО» (16+)
00.40 Х/Ф «СЛАВНЫЕ ПАРНИ» (18+)
02.40 Х/Ф «ОТПУСК ЗА СВОЙ СЧЕТ» (12+)
04.50 «ДЕЙСТВУЮЩИЕ ЛИЦА» (16+)
5
5.45 МУЛЬТФИЛЬМЫ
7.25 Х/Ф «ФИНИСТ - ЯСНЫЙ СОКОЛ» (6+)
9.00 ИЗВЕСТИЯ
9.15 Т/С «СЛЕД» (16+)
00.00 ИЗВЕСТИЯ. ГЛАВНОЕ
01.00 Т/С «ОПЕРАЦИЯ «ГОРГОНА» (16+)
